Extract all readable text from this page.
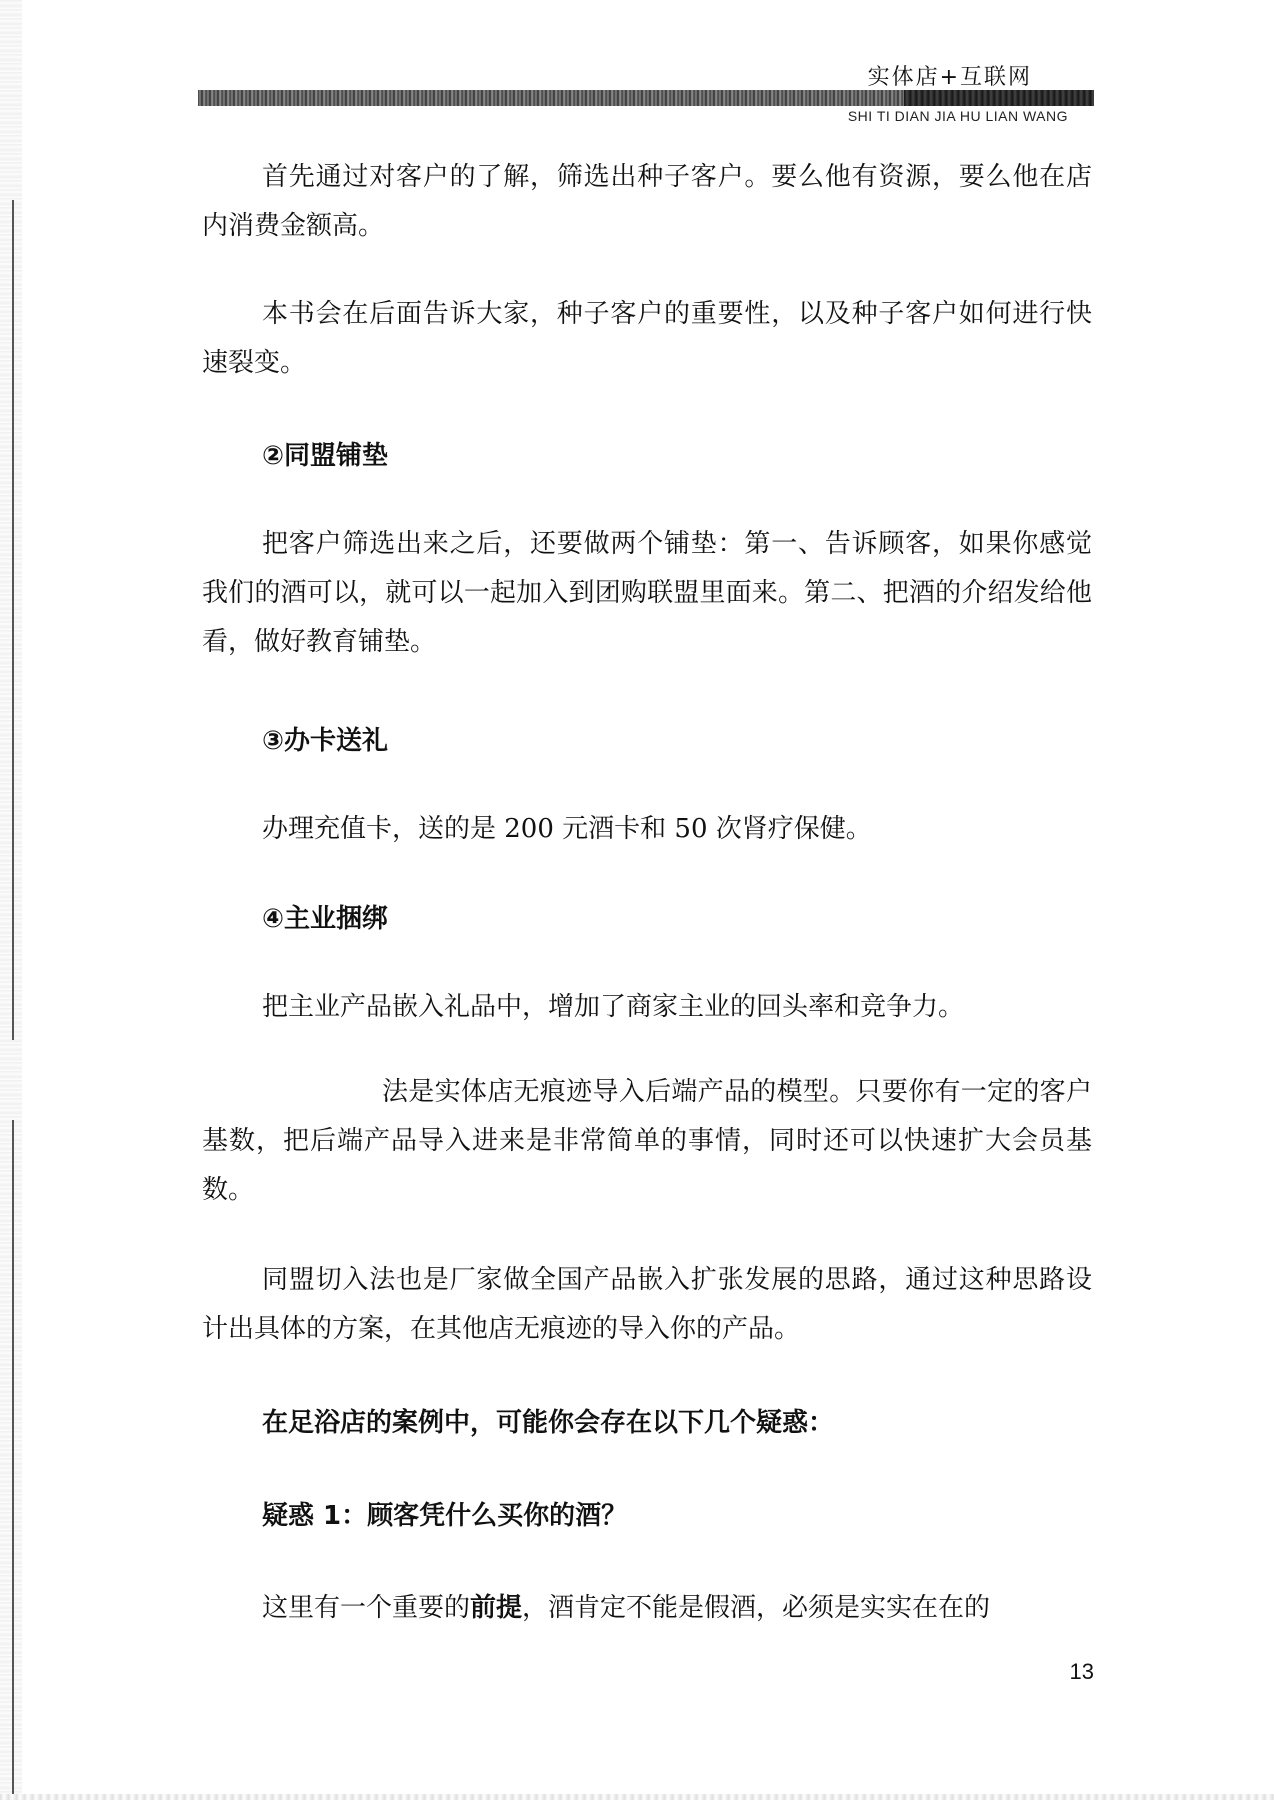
实体店+互联网
SHI TI DIAN JIA HU LIAN WANG

首先通过对客户的了解，筛选出种子客户。要么他有资源，要么他在店内消费金额高。

本书会在后面告诉大家，种子客户的重要性，以及种子客户如何进行快速裂变。

②同盟铺垫

把客户筛选出来之后，还要做两个铺垫：第一、告诉顾客，如果你感觉我们的酒可以，就可以一起加入到团购联盟里面来。第二、把酒的介绍发给他看，做好教育铺垫。

③办卡送礼

办理充值卡，送的是 200 元酒卡和 50 次肾疗保健。

④主业捆绑

把主业产品嵌入礼品中，增加了商家主业的回头率和竞争力。

法是实体店无痕迹导入后端产品的模型。只要你有一定的客户基数，把后端产品导入进来是非常简单的事情，同时还可以快速扩大会员基数。

同盟切入法也是厂家做全国产品嵌入扩张发展的思路，通过这种思路设计出具体的方案，在其他店无痕迹的导入你的产品。

在足浴店的案例中，可能你会存在以下几个疑惑：

疑惑 1：顾客凭什么买你的酒？

这里有一个重要的前提，酒肯定不能是假酒，必须是实实在在的

13
